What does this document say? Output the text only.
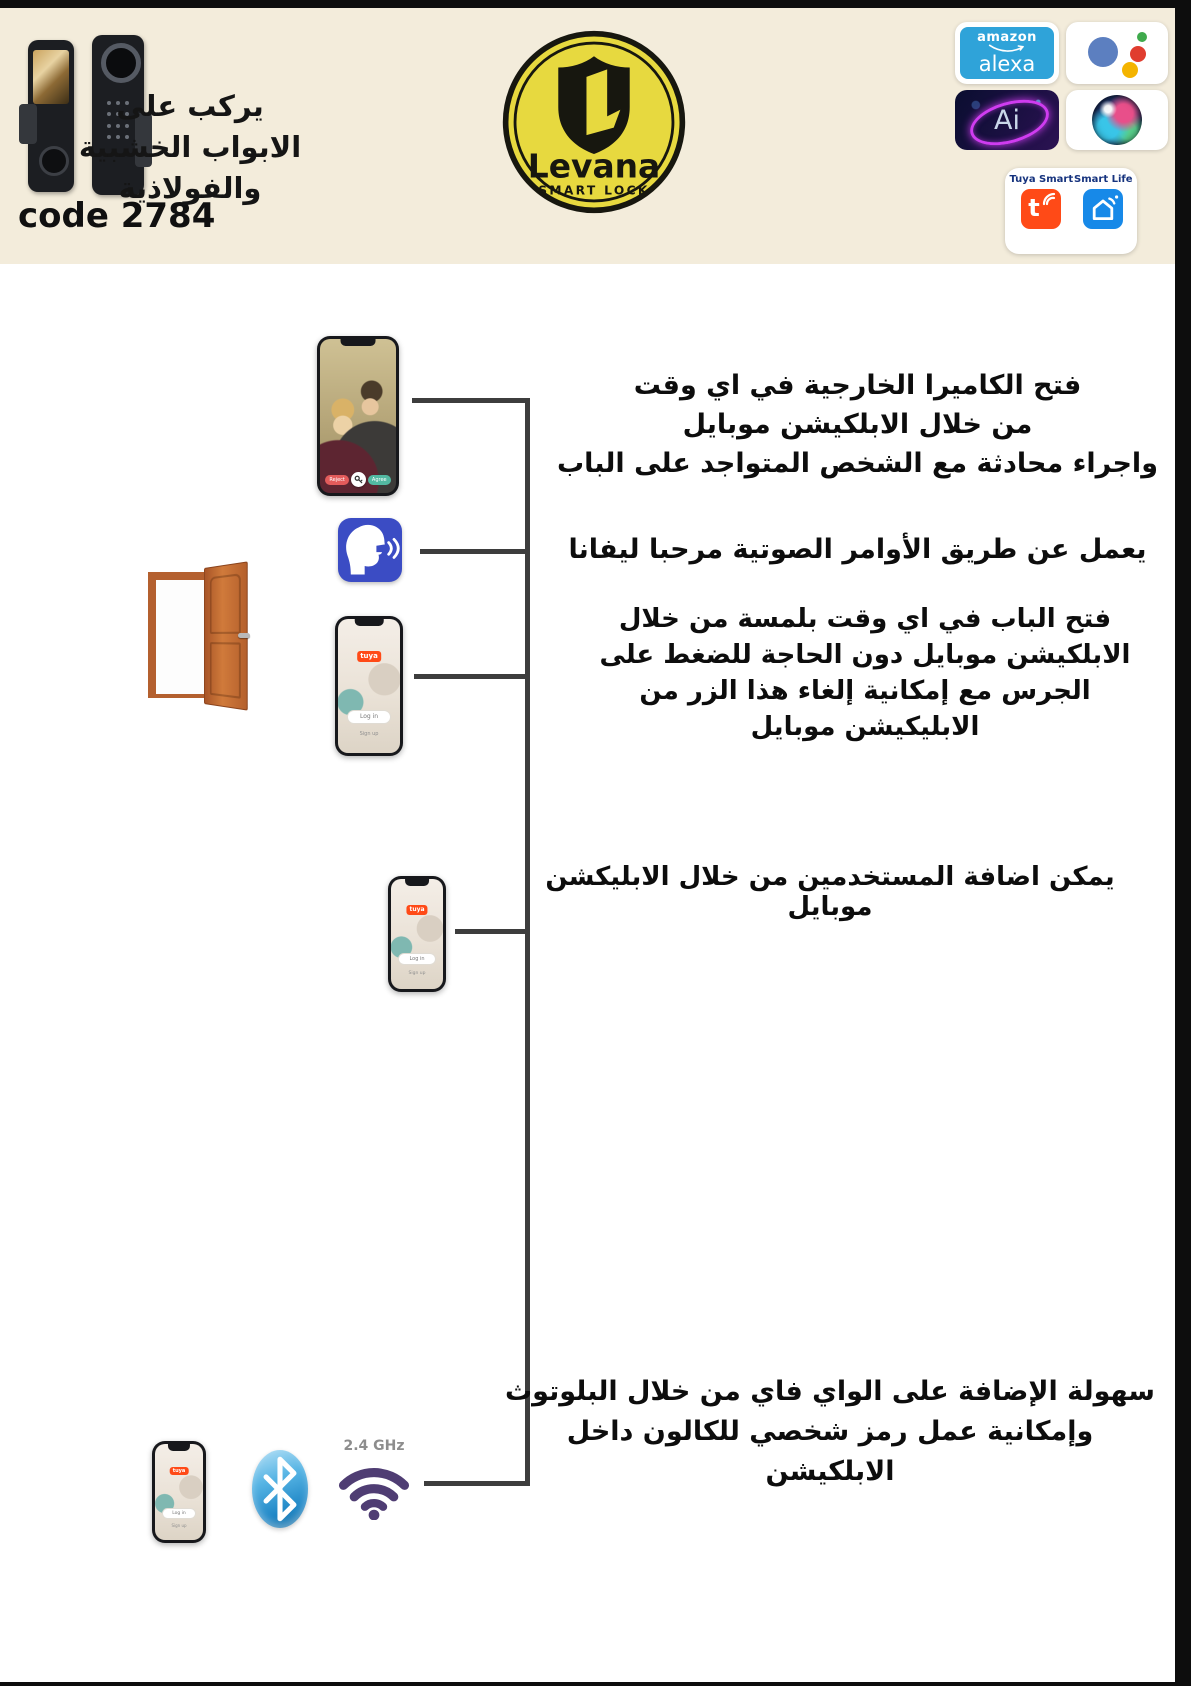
code 2784
يركب على
الابواب الخشبية والفولاذية
Levana
SMART LOCK
amazon
alexa
Ai
Tuya Smart
t
Smart Life
Reject	Agree
فتح الكاميرا الخارجية في اي وقت
من خلال الابلكيشن موبايل
واجراء محادثة مع الشخص المتواجد على الباب
يعمل عن طريق الأوامر الصوتية مرحبا ليفانا
tuya
Log in
Sign up
فتح الباب في اي وقت بلمسة من خلال
الابلكيشن موبايل دون الحاجة للضغط على
الجرس مع إمكانية إلغاء هذا الزر من
الابليكيشن موبايل
tuya
Log in
Sign up
يمكن اضافة المستخدمين من خلال الابليكشن موبايل
tuya
Log in
Sign up
2.4 GHz
سهولة الإضافة على الواي فاي من خلال البلوتوث
وإمكانية عمل رمز شخصي للكالون داخل
الابلكيشن
